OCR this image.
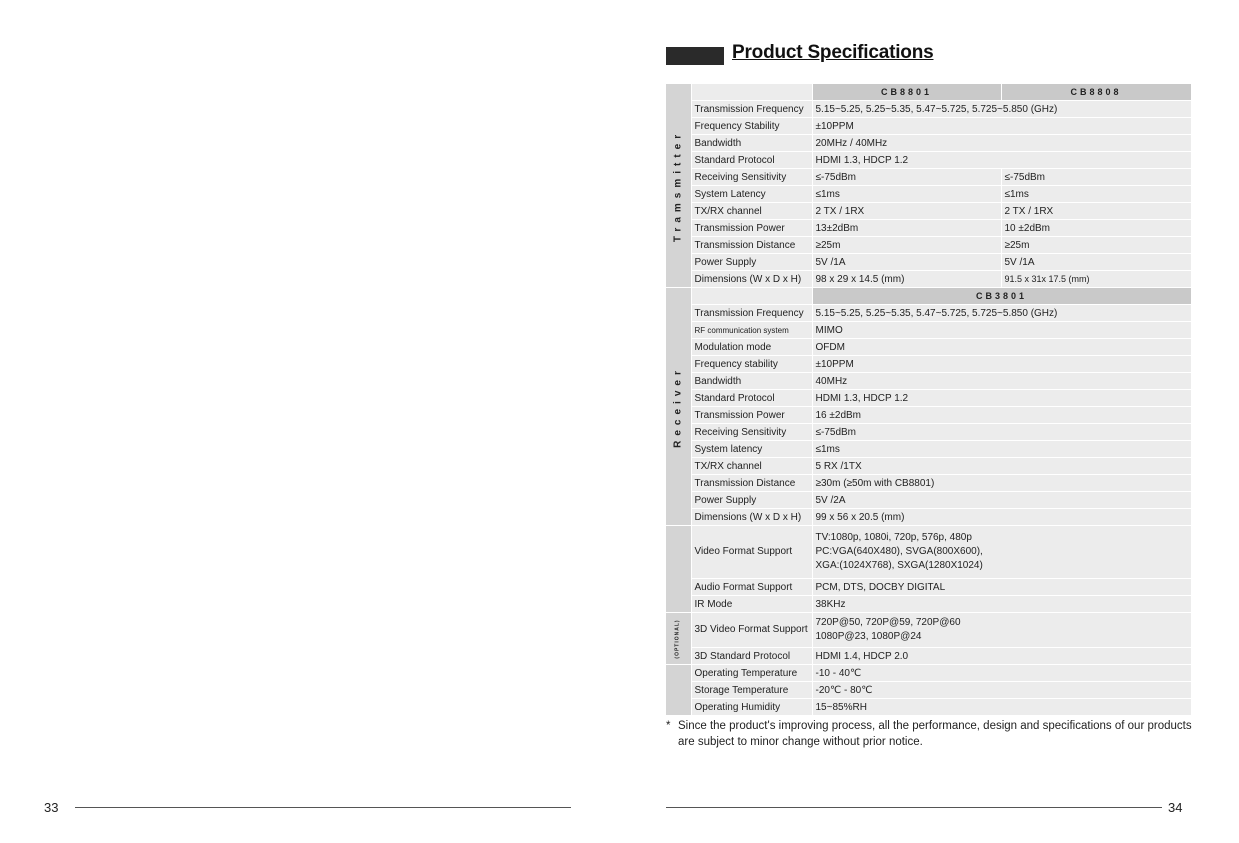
33
Product Specifications
Tramsmitter		CB8801	CB8808
	Transmission Frequency	5.15~5.25, 5.25~5.35, 5.47~5.725, 5.725~5.850 (GHz)	
	Frequency Stability	±10PPM	
	Bandwidth	20MHz / 40MHz	
	Standard Protocol	HDMI 1.3, HDCP 1.2	
	Receiving Sensitivity	≤-75dBm	≤-75dBm
	System Latency	≤1ms	≤1ms
	TX/RX channel	2 TX / 1RX	2 TX / 1RX
	Transmission Power	13±2dBm	10 ±2dBm
	Transmission Distance	≥25m	≥25m
	Power Supply	5V /1A	5V /1A
	Dimensions (W x D x H)	98 x 29 x 14.5 (mm)	91.5 x 31x 17.5 (mm)

Receiver		CB3801	
	Transmission Frequency	5.15~5.25, 5.25~5.35, 5.47~5.725, 5.725~5.850 (GHz)	
	RF communication system	MIMO	
	Modulation mode	OFDM	
	Frequency stability	±10PPM	
	Bandwidth	40MHz	
	Standard Protocol	HDMI 1.3, HDCP 1.2	
	Transmission Power	16 ±2dBm	
	Receiving Sensitivity	≤-75dBm	
	System latency	≤1ms	
	TX/RX channel	5 RX /1TX	
	Transmission Distance	≥30m (≥50m with CB8801)	
	Power Supply	5V /2A	
	Dimensions (W x D x H)	99 x 56 x 20.5 (mm)	
	Video Format Support	TV:1080p, 1080i, 720p, 576p, 480p
PC:VGA(640X480), SVGA(800X600),
XGA:(1024X768), SXGA(1280X1024)	

	Audio Format Support	PCM, DTS, DOCBY DIGITAL	
	IR Mode	38KHz	

(OPTIONAL)	3D Video Format Support	720P@50, 720P@59, 720P@60
1080P@23, 1080P@24	

	3D Standard Protocol	HDMI 1.4, HDCP 2.0	
	Operating Temperature	-10 - 40℃	
	Storage Temperature	-20℃ - 80℃	
	Operating Humidity	15~85%RH	
* Since the product's improving process, all the performance, design and specifications of our products are subject to minor change without prior notice.
34
